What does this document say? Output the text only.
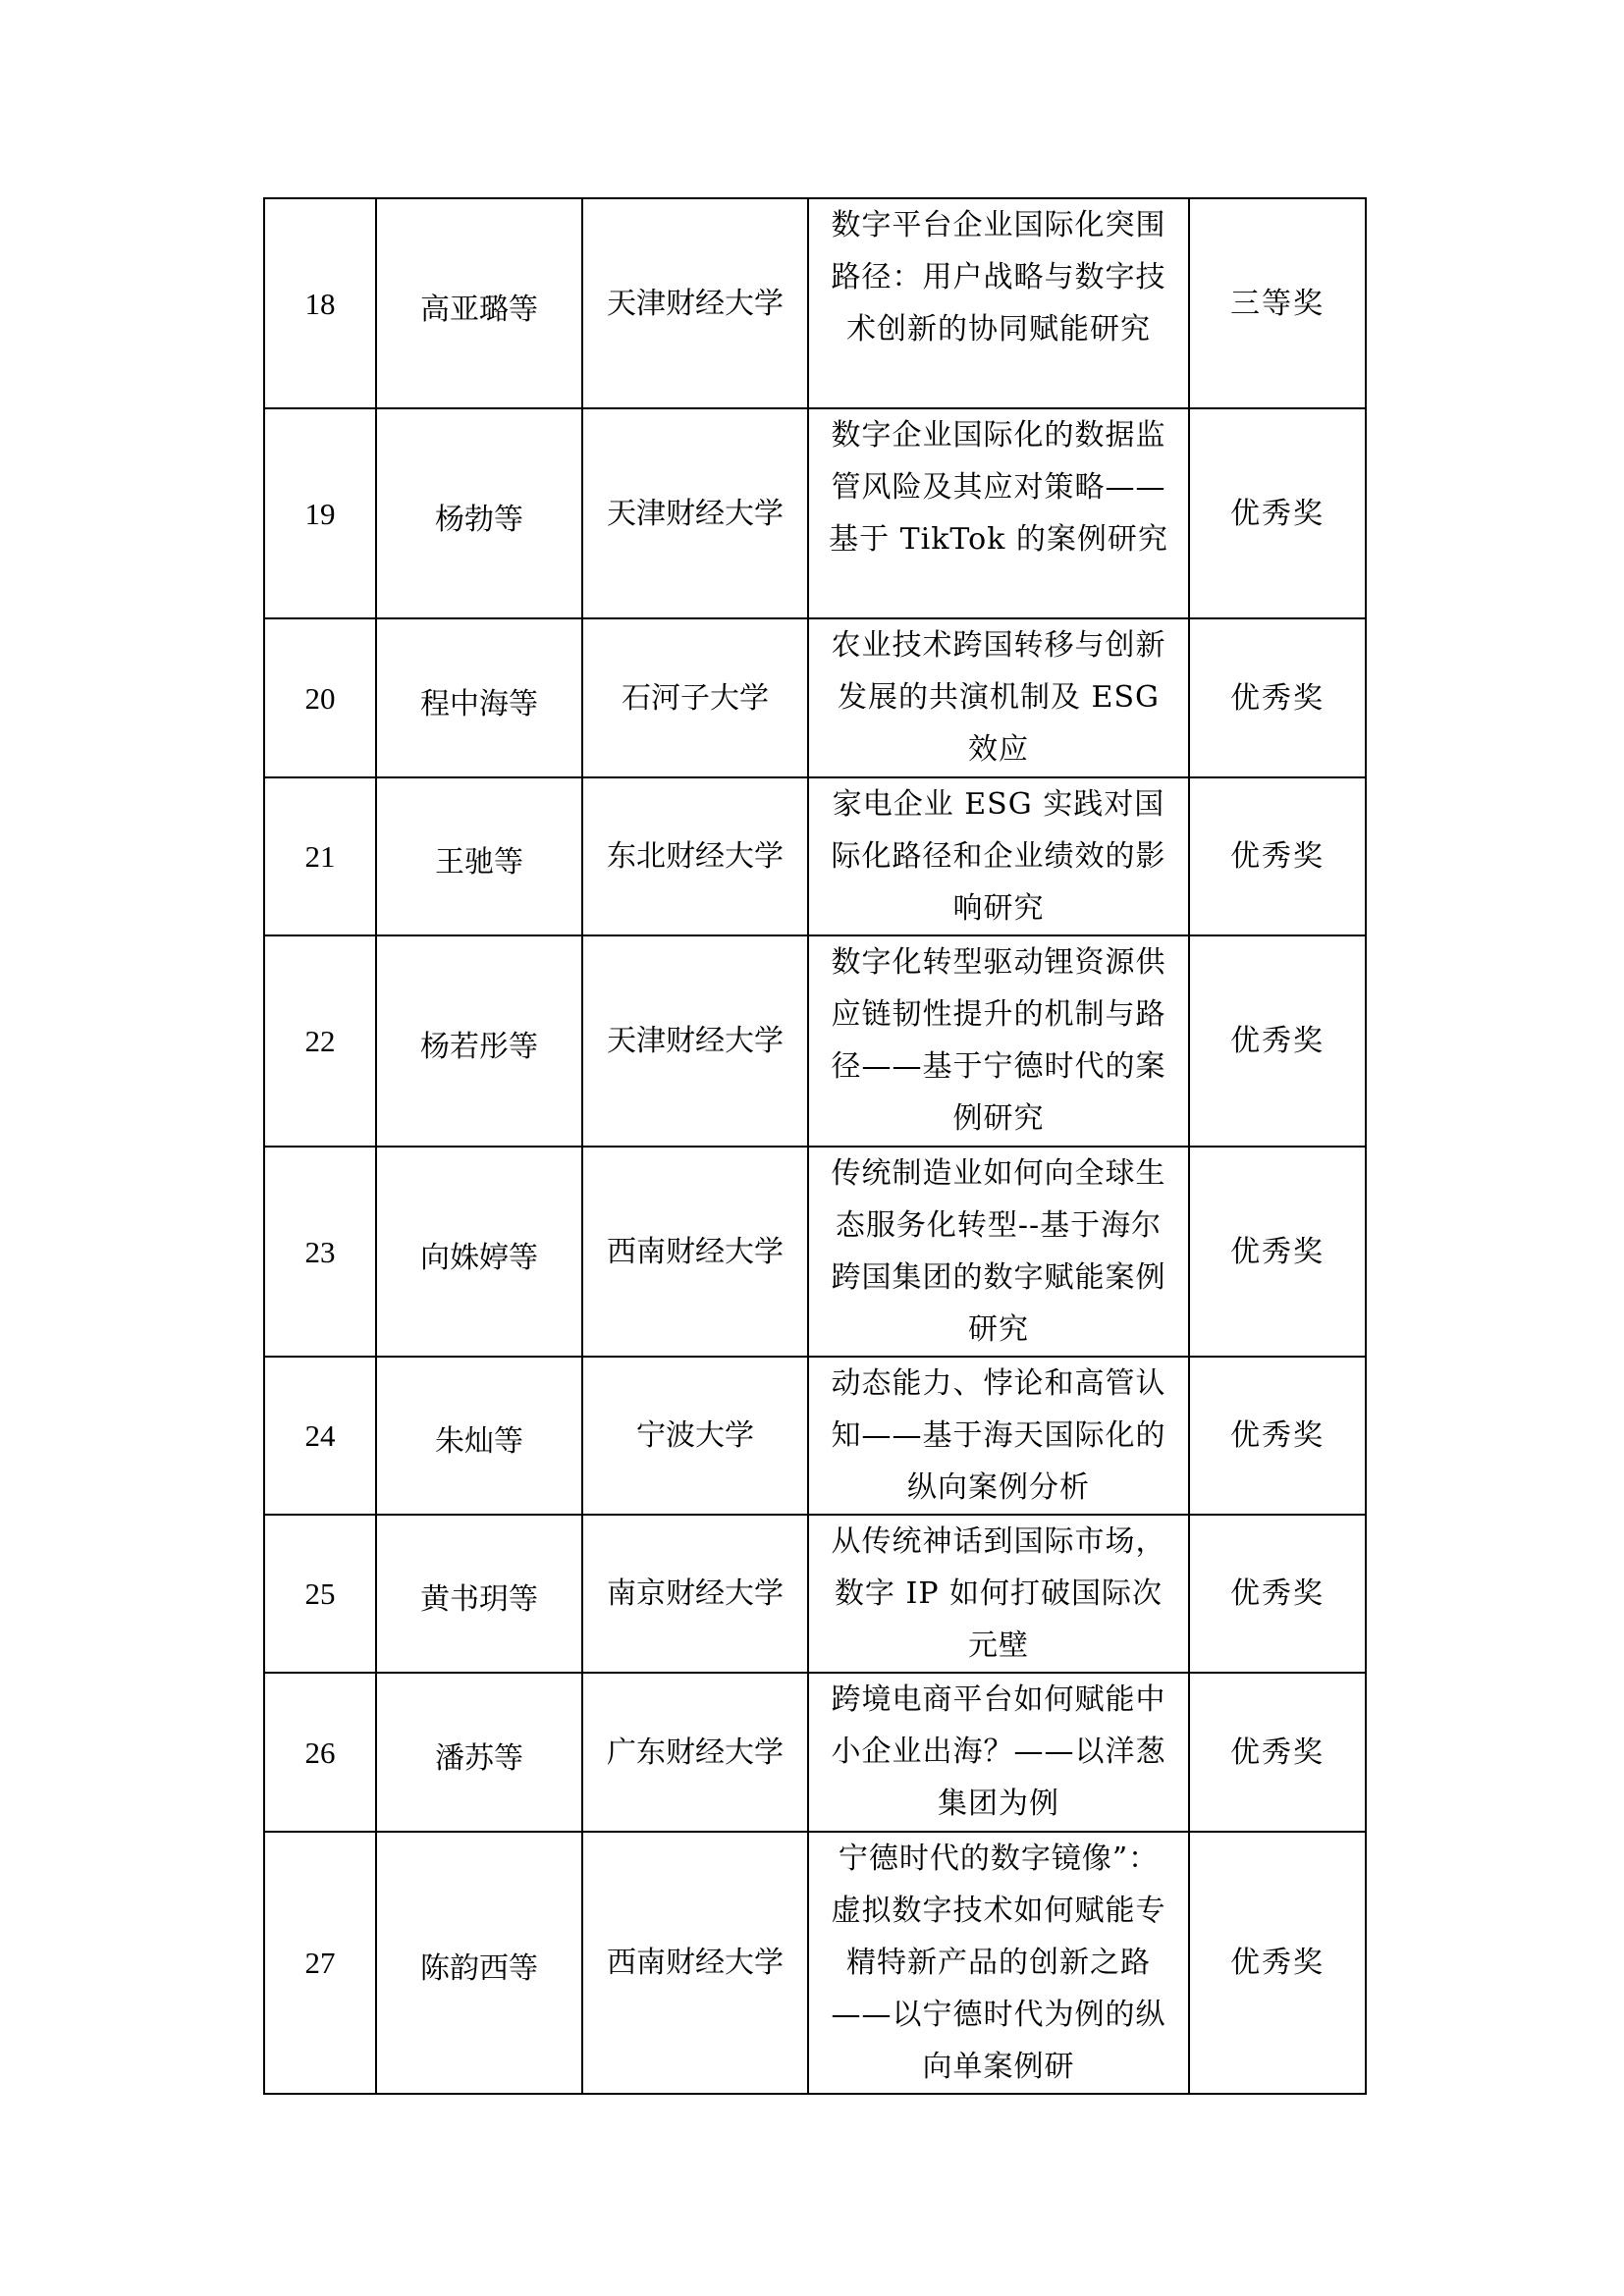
18	高亚璐等	天津财经大学	数字平台企业国际化突围路径：用户战略与数字技术创新的协同赋能研究	三等奖
19	杨勃等	天津财经大学	数字企业国际化的数据监管风险及其应对策略——基于 TikTok 的案例研究	优秀奖
20	程中海等	石河子大学	农业技术跨国转移与创新发展的共演机制及 ESG 效应	优秀奖
21	王驰等	东北财经大学	家电企业 ESG 实践对国际化路径和企业绩效的影响研究	优秀奖
22	杨若彤等	天津财经大学	数字化转型驱动锂资源供应链韧性提升的机制与路径——基于宁德时代的案例研究	优秀奖
23	向姝婷等	西南财经大学	传统制造业如何向全球生态服务化转型--基于海尔跨国集团的数字赋能案例研究	优秀奖
24	朱灿等	宁波大学	动态能力、悖论和高管认知——基于海天国际化的纵向案例分析	优秀奖
25	黄书玥等	南京财经大学	从传统神话到国际市场，数字 IP 如何打破国际次元壁	优秀奖
26	潘苏等	广东财经大学	跨境电商平台如何赋能中小企业出海？——以洋葱集团为例	优秀奖
27	陈韵西等	西南财经大学	宁德时代的数字镜像”：虚拟数字技术如何赋能专精特新产品的创新之路——以宁德时代为例的纵向单案例研	优秀奖
